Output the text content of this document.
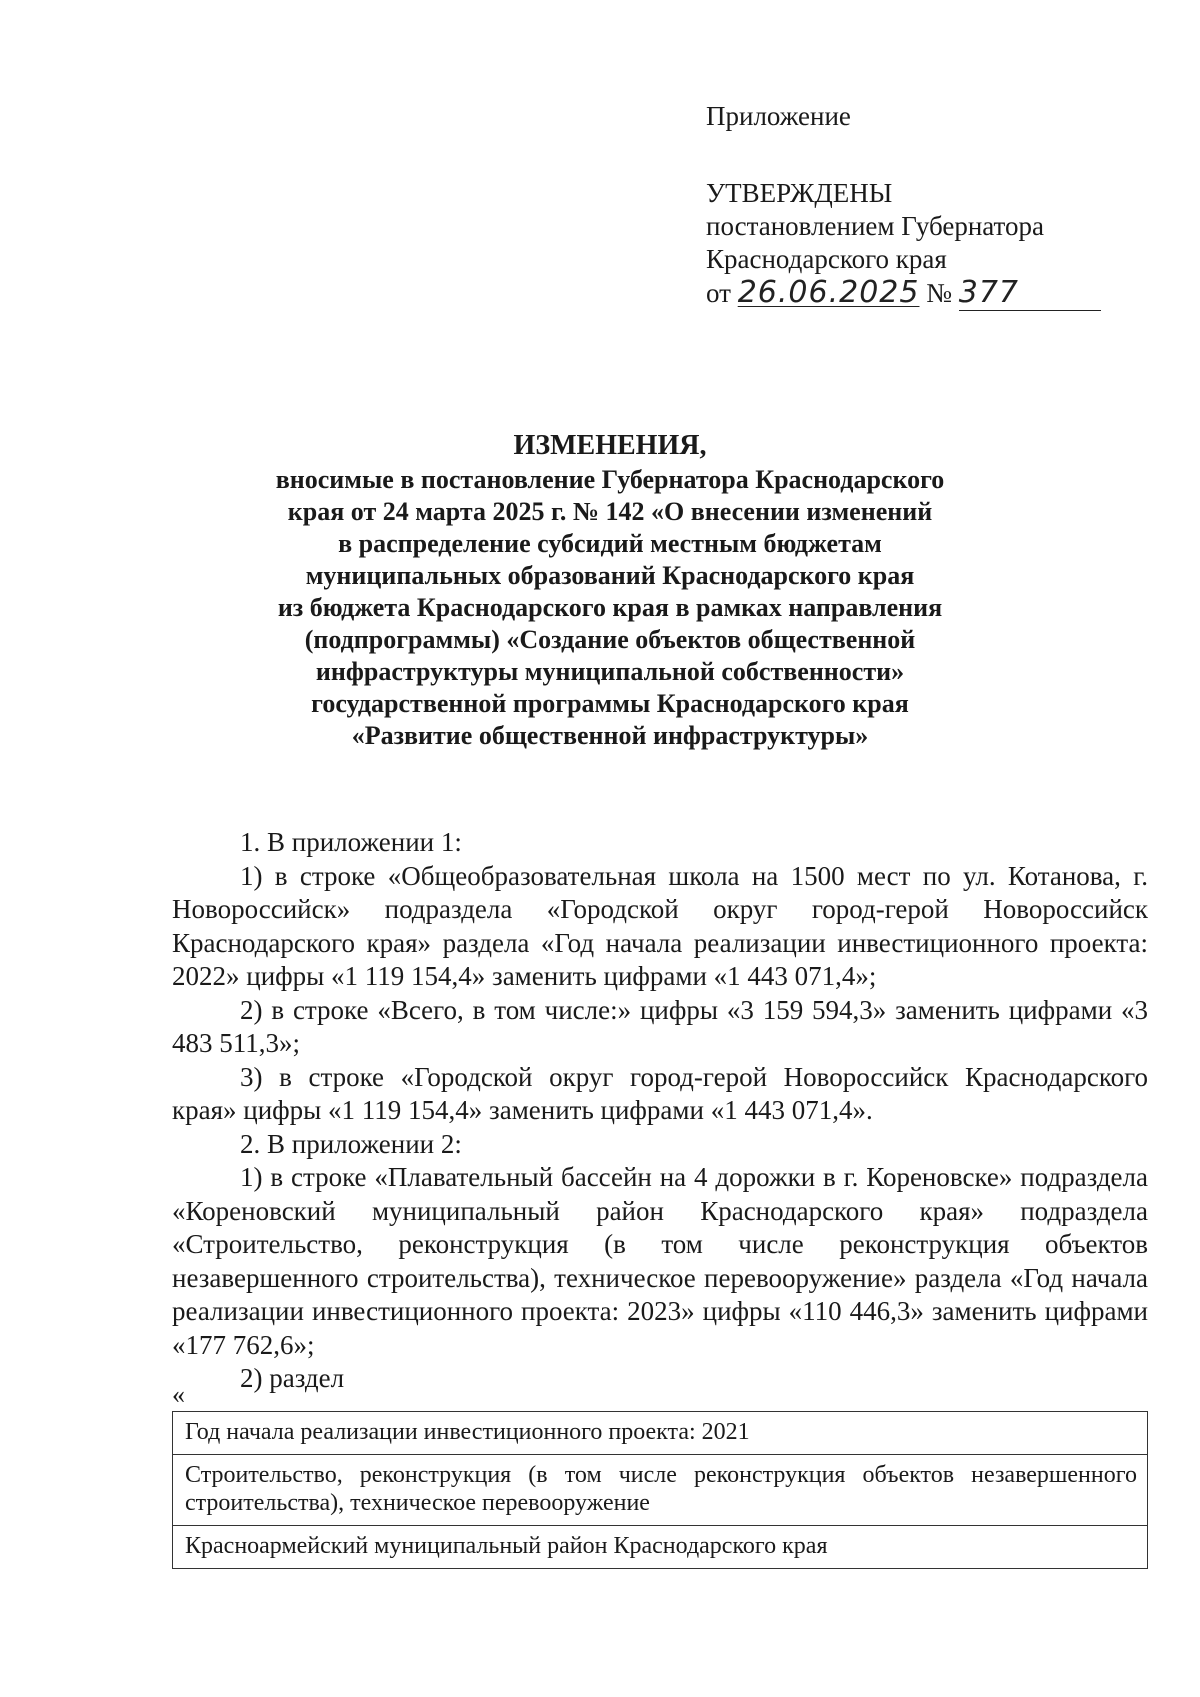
Приложение
УТВЕРЖДЕНЫ
постановлением Губернатора
Краснодарского края
от 26.06.2025 № 377
ИЗМЕНЕНИЯ,
вносимые в постановление Губернатора Краснодарского
края от 24 марта 2025 г. № 142 «О внесении изменений
в распределение субсидий местным бюджетам
муниципальных образований Краснодарского края
из бюджета Краснодарского края в рамках направления
(подпрограммы) «Создание объектов общественной
инфраструктуры муниципальной собственности»
государственной программы Краснодарского края
«Развитие общественной инфраструктуры»

1. В приложении 1:

1) в строке «Общеобразовательная школа на 1500 мест по ул. Котанова, г. Новороссийск» подраздела «Городской округ город-герой Новороссийск Краснодарского края» раздела «Год начала реализации инвестиционного проекта: 2022» цифры «1 119 154,4» заменить цифрами «1 443 071,4»;

2) в строке «Всего, в том числе:» цифры «3 159 594,3» заменить цифрами «3 483 511,3»;

3) в строке «Городской округ город-герой Новороссийск Краснодарского края» цифры «1 119 154,4» заменить цифрами «1 443 071,4».

2. В приложении 2:

1) в строке «Плавательный бассейн на 4 дорожки в г. Кореновске» подраздела «Кореновский муниципальный район Краснодарского края» подраздела «Строительство, реконструкция (в том числе реконструкция объектов незавершенного строительства), техническое перевооружение» раздела «Год начала реализации инвестиционного проекта: 2023» цифры «110 446,3» заменить цифрами «177 762,6»;

2) раздел

«
Год начала реализации инвестиционного проекта: 2021
Строительство, реконструкция (в том числе реконструкция объектов незавершенного строительства), техническое перевооружение
Красноармейский муниципальный район Краснодарского края
